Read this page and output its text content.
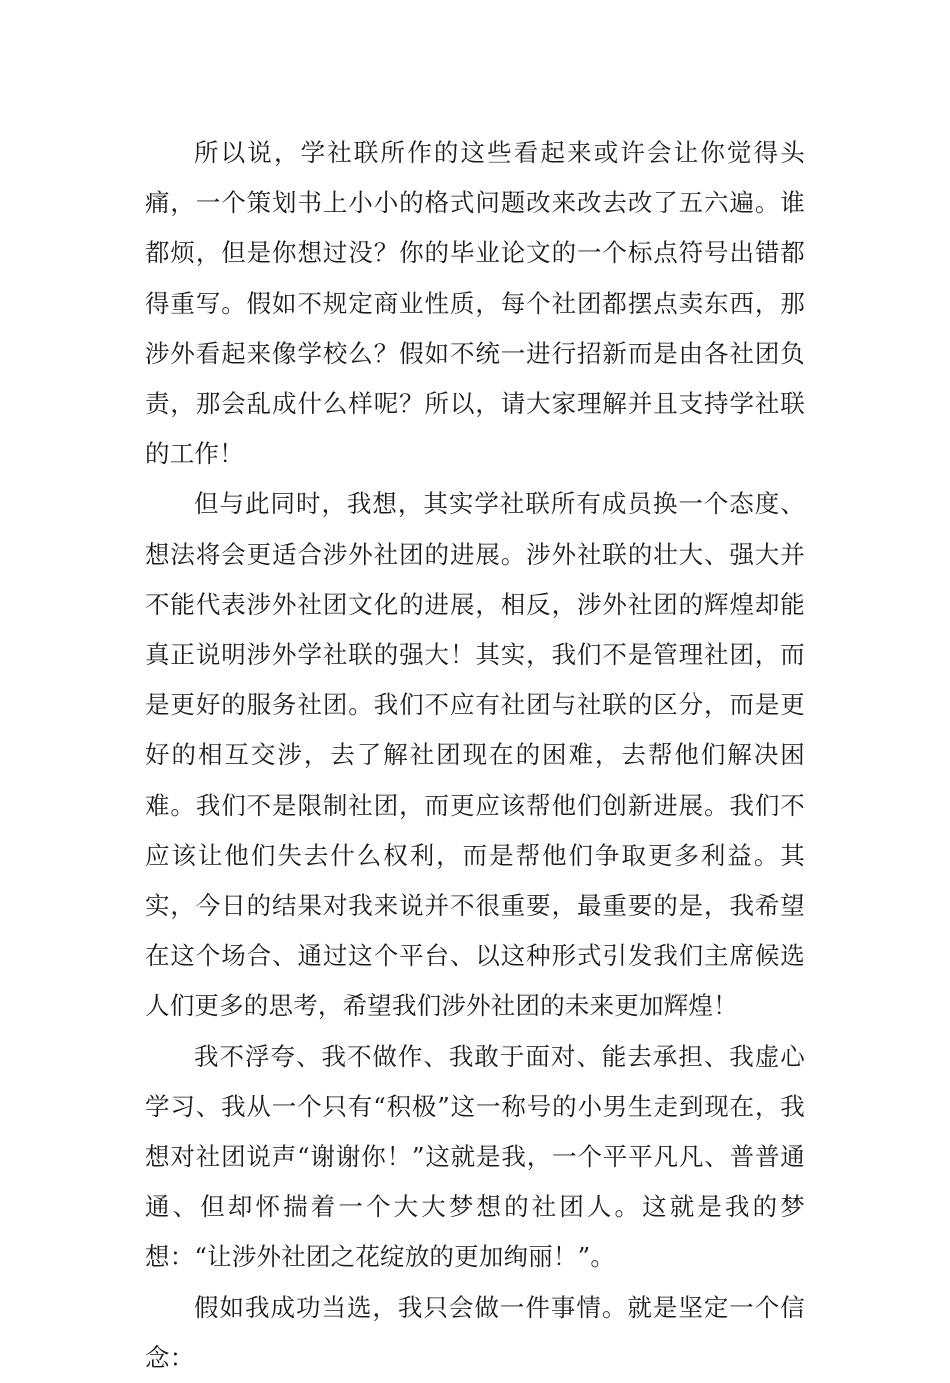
所以说，学社联所作的这些看起来或许会让你觉得头痛，一个策划书上小小的格式问题改来改去改了五六遍。谁都烦，但是你想过没？你的毕业论文的一个标点符号出错都得重写。假如不规定商业性质，每个社团都摆点卖东西，那涉外看起来像学校么？假如不统一进行招新而是由各社团负责，那会乱成什么样呢？所以，请大家理解并且支持学社联的工作！

但与此同时，我想，其实学社联所有成员换一个态度、想法将会更适合涉外社团的进展。涉外社联的壮大、强大并不能代表涉外社团文化的进展，相反，涉外社团的辉煌却能真正说明涉外学社联的强大！其实，我们不是管理社团，而是更好的服务社团。我们不应有社团与社联的区分，而是更好的相互交涉，去了解社团现在的困难，去帮他们解决困难。我们不是限制社团，而更应该帮他们创新进展。我们不应该让他们失去什么权利，而是帮他们争取更多利益。其实，今日的结果对我来说并不很重要，最重要的是，我希望在这个场合、通过这个平台、以这种形式引发我们主席候选人们更多的思考，希望我们涉外社团的未来更加辉煌！

我不浮夸、我不做作、我敢于面对、能去承担、我虚心学习、我从一个只有“积极”这一称号的小男生走到现在，我想对社团说声“谢谢你！”这就是我，一个平平凡凡、普普通通、但却怀揣着一个大大梦想的社团人。这就是我的梦想：“让涉外社团之花绽放的更加绚丽！”。

假如我成功当选，我只会做一件事情。就是坚定一个信念：
